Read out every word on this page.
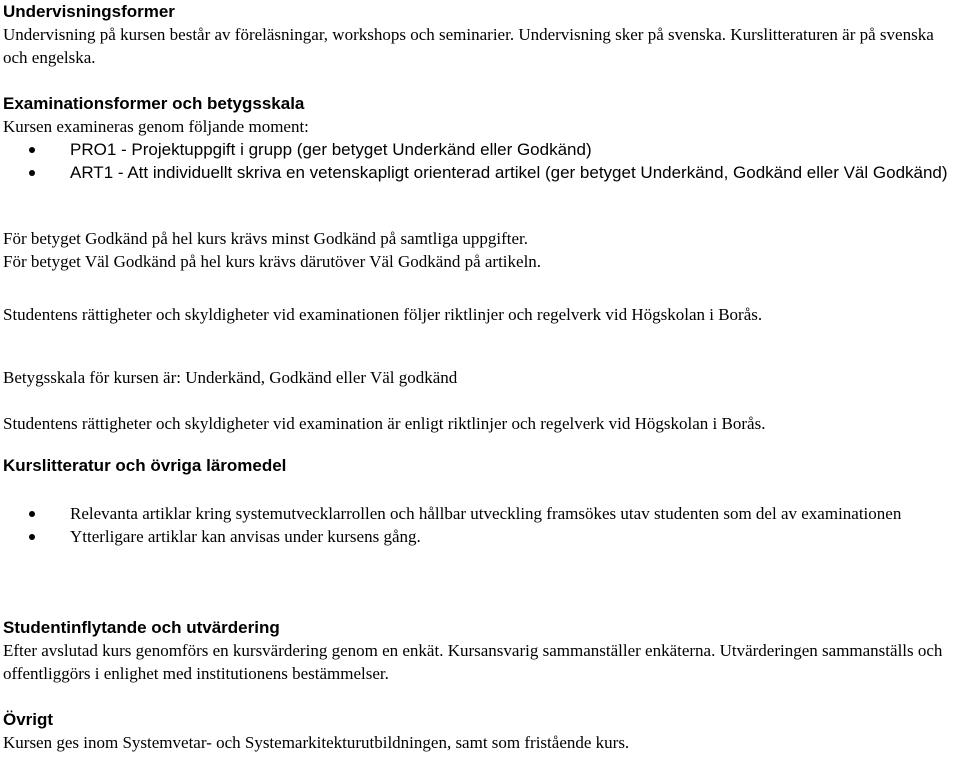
Undervisningsformer

Undervisning på kursen består av föreläsningar, workshops och seminarier. Undervisning sker på svenska. Kurslitteraturen är på svenska och engelska.

Examinationsformer och betygsskala

Kursen examineras genom följande moment:

PRO1 - Projektuppgift i grupp (ger betyget Underkänd eller Godkänd)
ART1 - Att individuellt skriva en vetenskapligt orienterad artikel (ger betyget Underkänd, Godkänd eller Väl Godkänd)

För betyget Godkänd på hel kurs krävs minst Godkänd på samtliga uppgifter.

För betyget Väl Godkänd på hel kurs krävs därutöver Väl Godkänd på artikeln.

Studentens rättigheter och skyldigheter vid examinationen följer riktlinjer och regelverk vid Högskolan i Borås.

Betygsskala för kursen är: Underkänd, Godkänd eller Väl godkänd

Studentens rättigheter och skyldigheter vid examination är enligt riktlinjer och regelverk vid Högskolan i Borås.

Kurslitteratur och övriga läromedel
Relevanta artiklar kring systemutvecklarrollen och hållbar utveckling framsökes utav studenten som del av examinationen
Ytterligare artiklar kan anvisas under kursens gång.
Studentinflytande och utvärdering

Efter avslutad kurs genomförs en kursvärdering genom en enkät. Kursansvarig sammanställer enkäterna. Utvärderingen sammanställs och offentliggörs i enlighet med institutionens bestämmelser.

Övrigt

Kursen ges inom Systemvetar- och Systemarkitekturutbildningen, samt som fristående kurs.
